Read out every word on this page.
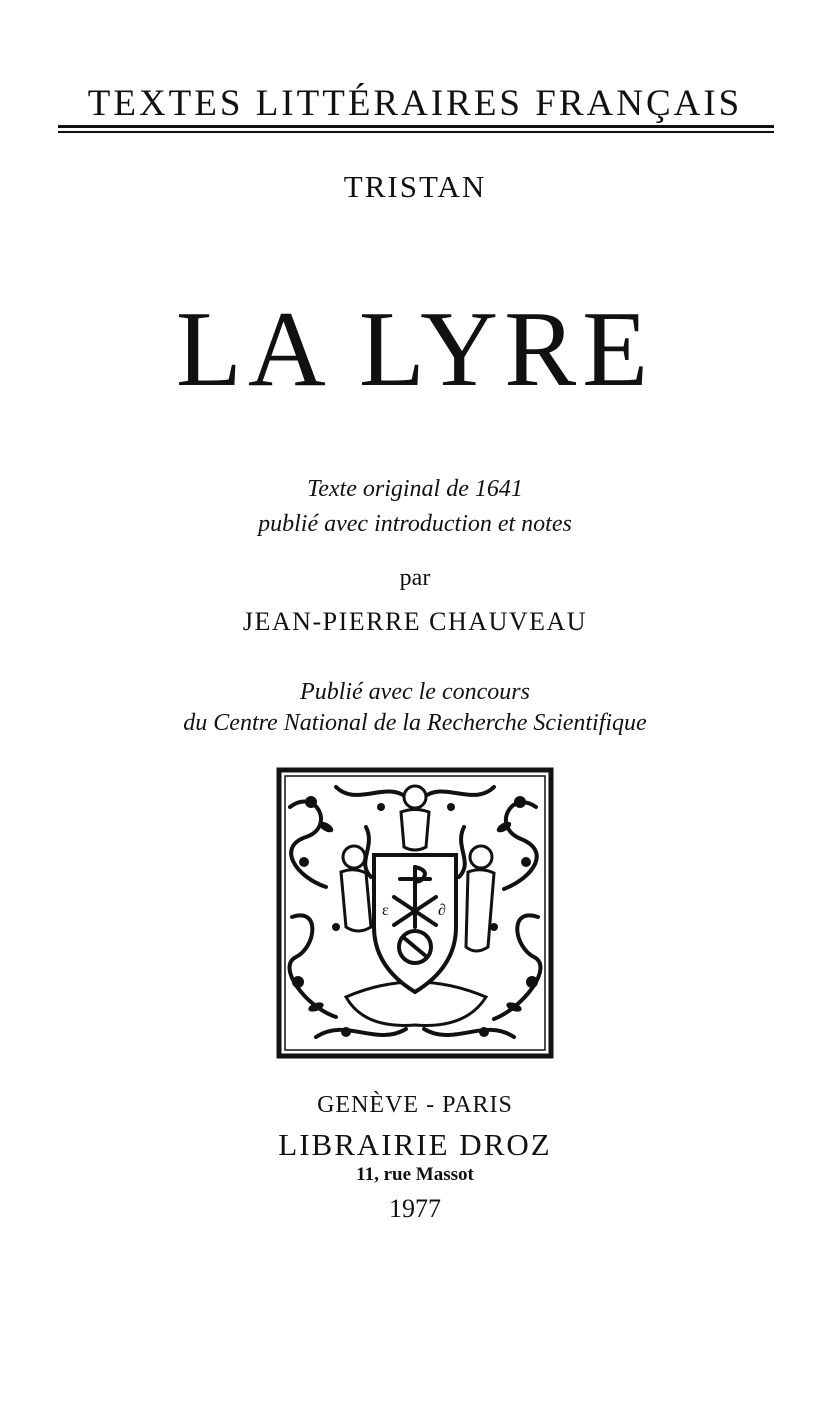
TEXTES LITTÉRAIRES FRANÇAIS
TRISTAN
LA LYRE
Texte original de 1641
publié avec introduction et notes
par
JEAN-PIERRE CHAUVEAU
Publié avec le concours
du Centre National de la Recherche Scientifique
ε	∂
GENÈVE - PARIS
LIBRAIRIE DROZ
11, rue Massot
1977
